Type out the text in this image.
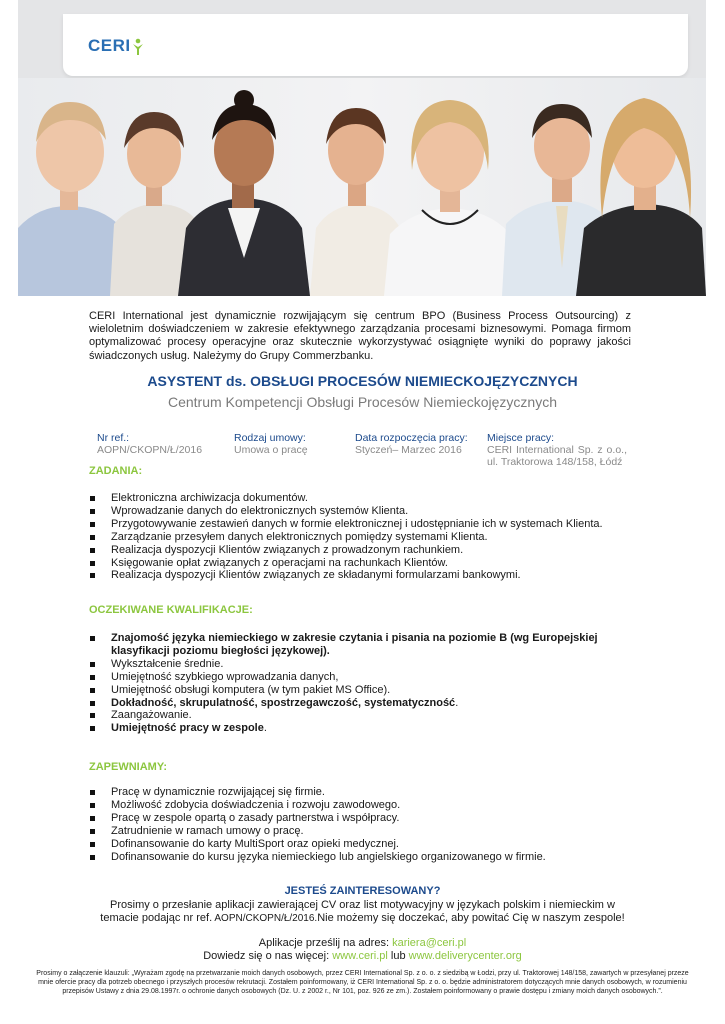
CERI

CERI International jest dynamicznie rozwijającym się centrum BPO (Business Process Outsourcing) z wieloletnim doświadczeniem w zakresie efektywnego zarządzania procesami biznesowymi. Pomaga firmom optymalizować procesy operacyjne oraz skutecznie wykorzystywać osiągnięte wyniki do poprawy jakości świadczonych usług. Należymy do Grupy Commerzbanku.

ASYSTENT ds. OBSŁUGI PROCESÓW NIEMIECKOJĘZYCZNYCH
Centrum Kompetencji Obsługi Procesów Niemieckojęzycznych
Nr ref.:
AOPN/CKOPN/Ł/2016
Rodzaj umowy:
Umowa o pracę
Data rozpoczęcia pracy:
Styczeń– Marzec 2016
Miejsce pracy:
CERI International Sp. z o.o.,
ul. Traktorowa 148/158, Łódź
ZADANIA:
Elektroniczna archiwizacja dokumentów.
Wprowadzanie danych do elektronicznych systemów Klienta.
Przygotowywanie zestawień danych w formie elektronicznej i udostępnianie ich w systemach Klienta.
Zarządzanie przesyłem danych elektronicznych pomiędzy systemami Klienta.
Realizacja dyspozycji Klientów związanych z prowadzonym rachunkiem.
Księgowanie opłat związanych z operacjami na rachunkach Klientów.
Realizacja dyspozycji Klientów związanych ze składanymi formularzami bankowymi.
OCZEKIWANE KWALIFIKACJE:
Znajomość języka niemieckiego w zakresie czytania i pisania na poziomie B (wg Europejskiej klasyfikacji poziomu biegłości językowej).
Wykształcenie średnie.
Umiejętność szybkiego wprowadzania danych,
Umiejętność obsługi komputera (w tym pakiet MS Office).
Dokładność, skrupulatność, spostrzegawczość, systematyczność.
Zaangażowanie.
Umiejętność pracy w zespole.
ZAPEWNIAMY:
Pracę w dynamicznie rozwijającej się firmie.
Możliwość zdobycia doświadczenia i rozwoju zawodowego.
Pracę w zespole opartą o zasady partnerstwa i współpracy.
Zatrudnienie w ramach umowy o pracę.
Dofinansowanie do karty MultiSport oraz opieki medycznej.
Dofinansowanie do kursu języka niemieckiego lub angielskiego organizowanego w firmie.
JESTEŚ ZAINTERESOWANY?
Prosimy o przesłanie aplikacji zawierającej CV oraz list motywacyjny w językach polskim i niemieckim w
temacie podając nr ref. AOPN/CKOPN/Ł/2016.Nie możemy się doczekać, aby powitać Cię w naszym zespole!
Aplikacje prześlij na adres: kariera@ceri.pl
Dowiedz się o nas więcej: www.ceri.pl lub www.deliverycenter.org
Prosimy o załączenie klauzuli: „Wyrażam zgodę na przetwarzanie moich danych osobowych, przez CERI International Sp. z o. o. z siedzibą w Łodzi, przy ul. Traktorowej 148/158, zawartych w przesyłanej przeze mnie ofercie pracy dla potrzeb obecnego i przyszłych procesów rekrutacji. Zostałem poinformowany, iż CERI International Sp. z o. o. będzie administratorem dotyczących mnie danych osobowych, w rozumieniu przepisów Ustawy z dnia 29.08.1997r. o ochronie danych osobowych (Dz. U. z 2002 r., Nr 101, poz. 926 ze zm.). Zostałem poinformowany o prawie dostępu i zmiany moich danych osobowych.”.
